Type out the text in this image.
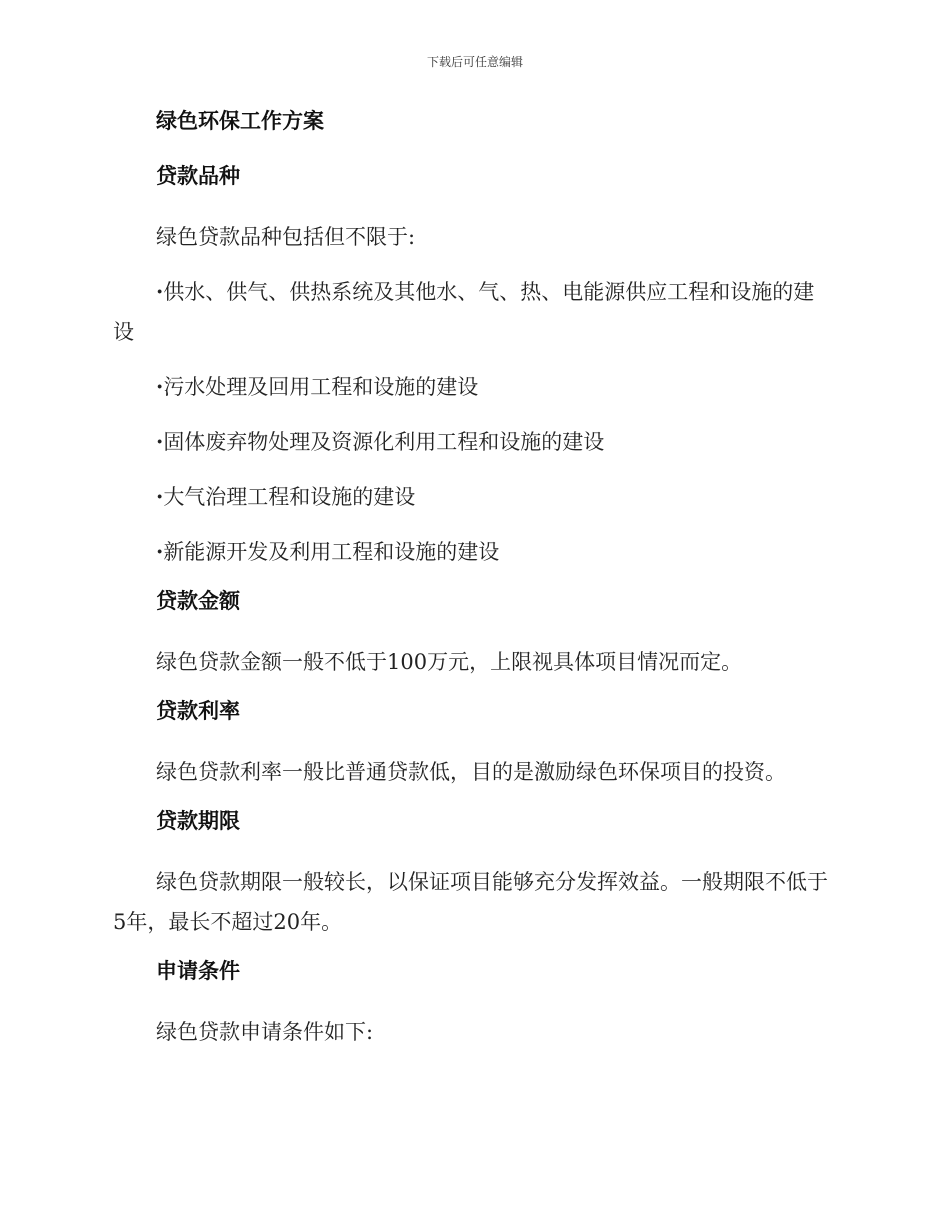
下载后可任意编辑
绿色环保工作方案
贷款品种

绿色贷款品种包括但不限于:

·供水、供气、供热系统及其他水、气、热、电能源供应工程和设施的建设

·污水处理及回用工程和设施的建设

·固体废弃物处理及资源化利用工程和设施的建设

·大气治理工程和设施的建设

·新能源开发及利用工程和设施的建设

贷款金额

绿色贷款金额一般不低于100万元，上限视具体项目情况而定。

贷款利率

绿色贷款利率一般比普通贷款低，目的是激励绿色环保项目的投资。

贷款期限

绿色贷款期限一般较长，以保证项目能够充分发挥效益。一般期限不低于5年，最长不超过20年。

申请条件

绿色贷款申请条件如下:
